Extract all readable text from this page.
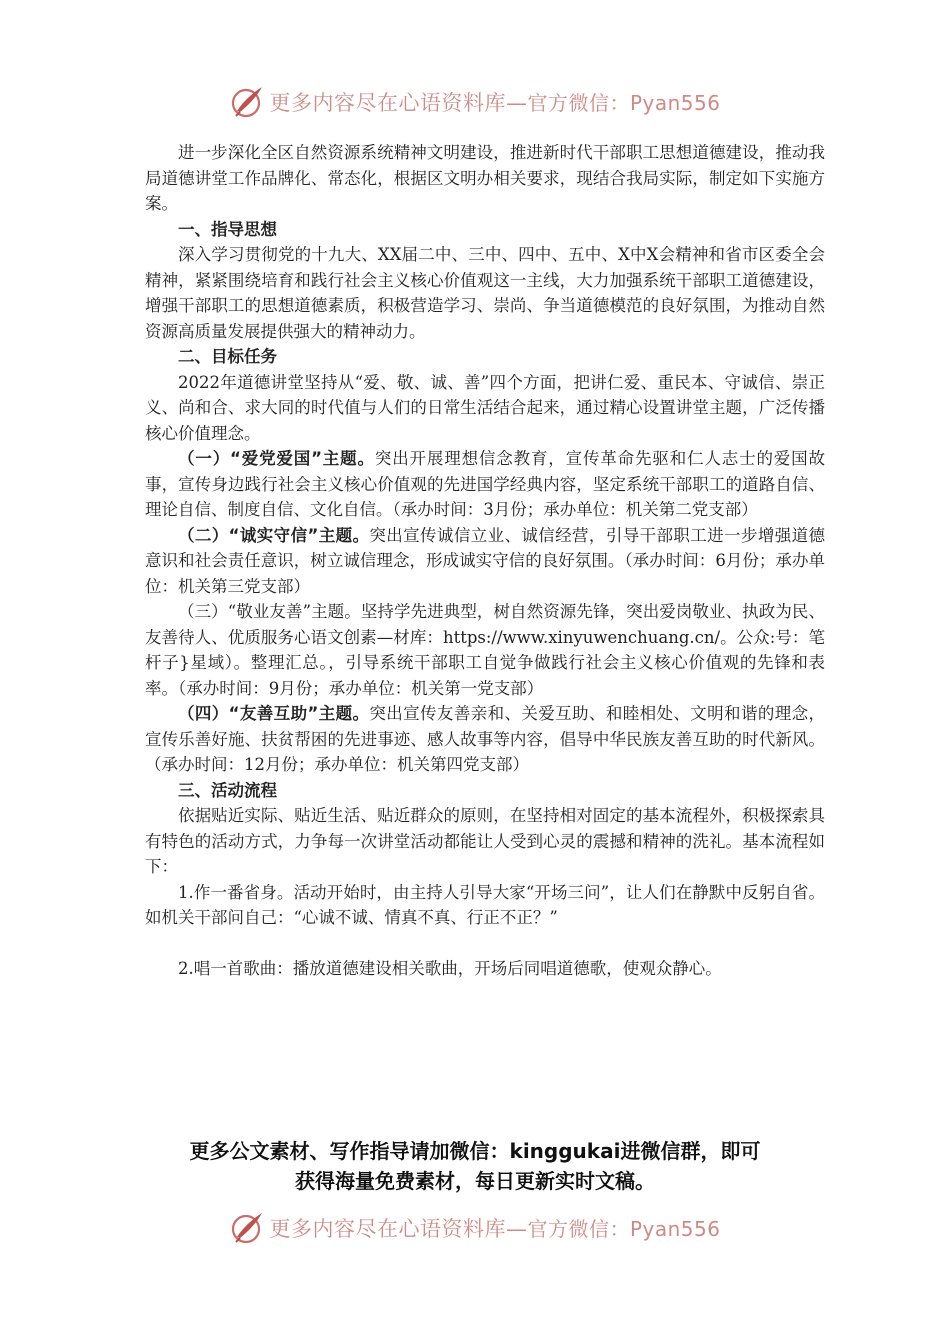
更多内容尽在心语资料库—官方微信：Pyan556

进一步深化全区自然资源系统精神文明建设，推进新时代干部职工思想道德建设，推动我局道德讲堂工作品牌化、常态化，根据区文明办相关要求，现结合我局实际，制定如下实施方案。

一、指导思想

深入学习贯彻党的十九大、XX届二中、三中、四中、五中、X中X会精神和省市区委全会精神，紧紧围绕培育和践行社会主义核心价值观这一主线，大力加强系统干部职工道德建设，增强干部职工的思想道德素质，积极营造学习、崇尚、争当道德模范的良好氛围，为推动自然资源高质量发展提供强大的精神动力。

二、目标任务

2022年道德讲堂坚持从“爱、敬、诚、善”四个方面，把讲仁爱、重民本、守诚信、崇正义、尚和合、求大同的时代值与人们的日常生活结合起来，通过精心设置讲堂主题，广泛传播核心价值理念。

（一）“爱党爱国”主题。突出开展理想信念教育，宣传革命先驱和仁人志士的爱国故事，宣传身边践行社会主义核心价值观的先进国学经典内容，坚定系统干部职工的道路自信、理论自信、制度自信、文化自信。（承办时间：3月份；承办单位：机关第二党支部）

（二）“诚实守信”主题。突出宣传诚信立业、诚信经营，引导干部职工进一步增强道德意识和社会责任意识，树立诚信理念，形成诚实守信的良好氛围。（承办时间：6月份；承办单位：机关第三党支部）

（三）“敬业友善”主题。坚持学先进典型，树自然资源先锋，突出爱岗敬业、执政为民、友善待人、优质服务心语文创素—材库：https://www.xinyuwenchuang.cn/。公众:号：笔杆子}星域）。整理汇总。，引导系统干部职工自觉争做践行社会主义核心价值观的先锋和表率。（承办时间：9月份；承办单位：机关第一党支部）

（四）“友善互助”主题。突出宣传友善亲和、关爱互助、和睦相处、文明和谐的理念，宣传乐善好施、扶贫帮困的先进事迹、感人故事等内容，倡导中华民族友善互助的时代新风。（承办时间：12月份；承办单位：机关第四党支部）

三、活动流程

依据贴近实际、贴近生活、贴近群众的原则，在坚持相对固定的基本流程外，积极探索具有特色的活动方式，力争每一次讲堂活动都能让人受到心灵的震撼和精神的洗礼。基本流程如下：

1.作一番省身。活动开始时，由主持人引导大家“开场三问”，让人们在静默中反躬自省。如机关干部问自己：“心诚不诚、情真不真、行正不正？”

2.唱一首歌曲：播放道德建设相关歌曲，开场后同唱道德歌，使观众静心。

更多公文素材、写作指导请加微信：kinggukai进微信群，即可
获得海量免费素材，每日更新实时文稿。
更多内容尽在心语资料库—官方微信：Pyan556
